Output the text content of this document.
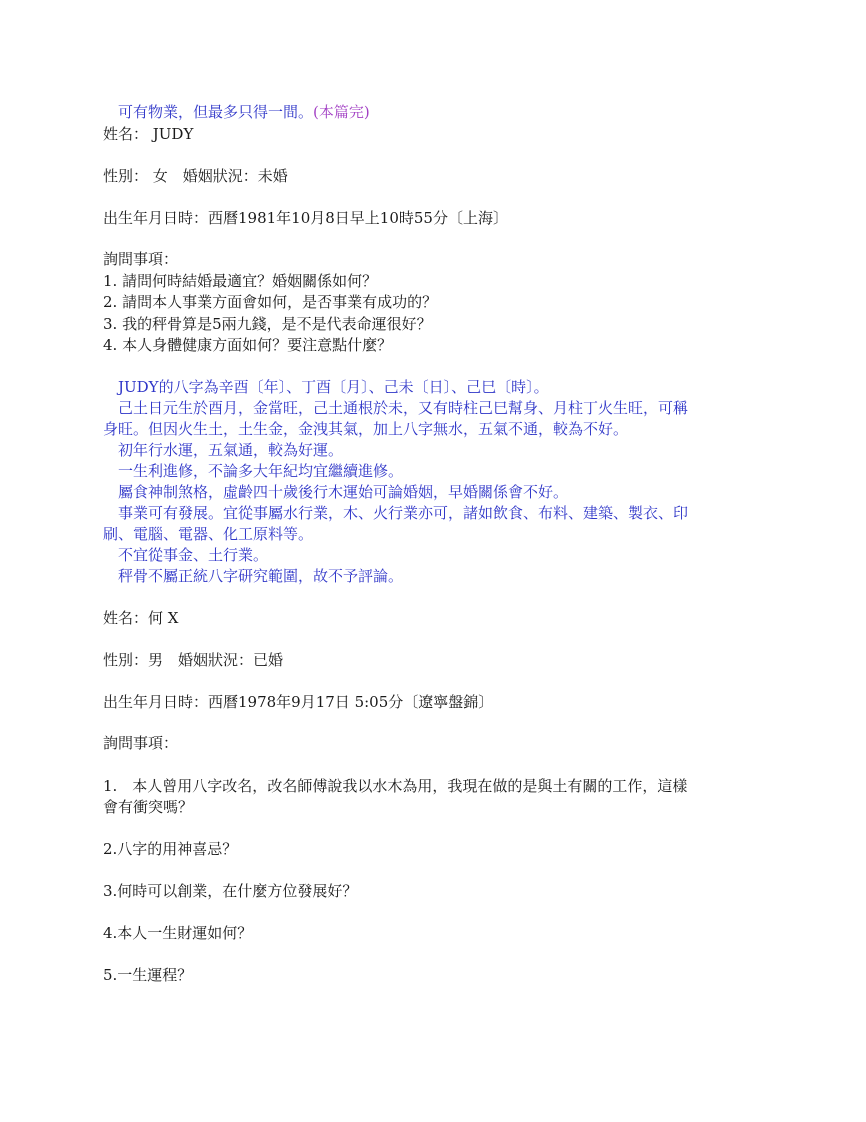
可有物業，但最多只得一間。(本篇完)
姓名： JUDY
性別： 女　婚姻狀況：未婚
出生年月日時：西曆1981年10月8日早上10時55分〔上海〕
詢問事項：
1. 請問何時結婚最適宜？婚姻關係如何？
2. 請問本人事業方面會如何，是否事業有成功的？
3. 我的秤骨算是5兩九錢，是不是代表命運很好？
4. 本人身體健康方面如何？要注意點什麼？
JUDY的八字為辛酉〔年〕、丁酉〔月〕、己未〔日〕、己巳〔時〕。
己土日元生於酉月，金當旺，己土通根於未，又有時柱己巳幫身、月柱丁火生旺，可稱
身旺。但因火生土，土生金，金洩其氣，加上八字無水，五氣不通，較為不好。
初年行水運，五氣通，較為好運。
一生利進修，不論多大年紀均宜繼續進修。
屬食神制煞格，虛齡四十歲後行木運始可論婚姻，早婚關係會不好。
事業可有發展。宜從事屬水行業，木、火行業亦可，諸如飲食、布料、建築、製衣、印
刷、電腦、電器、化工原料等。
不宜從事金、土行業。
秤骨不屬正統八字研究範圍，故不予評論。
姓名：何 X
性別：男　婚姻狀況：已婚
出生年月日時：西曆1978年9月17日 5:05分〔遼寧盤錦〕
詢問事項：
1.　本人曾用八字改名，改名師傅說我以水木為用，我現在做的是與土有關的工作，這樣
會有衝突嗎？
2.八字的用神喜忌？
3.何時可以創業，在什麼方位發展好？
4.本人一生財運如何？
5.一生運程？
